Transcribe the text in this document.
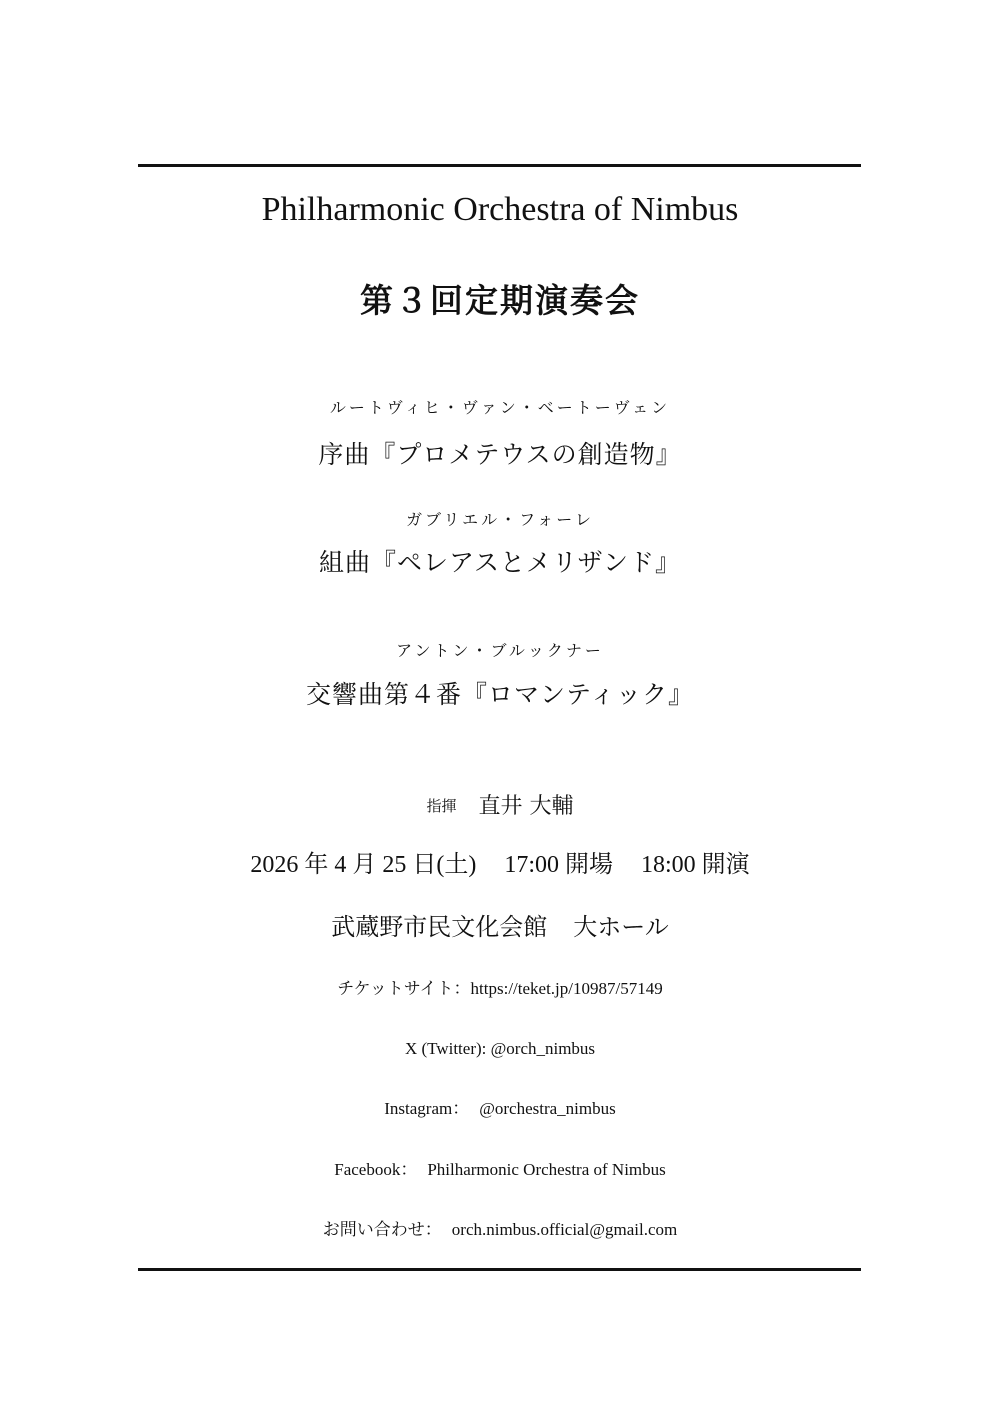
Philharmonic Orchestra of Nimbus
第３回定期演奏会
ルートヴィヒ・ヴァン・ベートーヴェン
序曲『プロメテウスの創造物』
ガブリエル・フォーレ
組曲『ペレアスとメリザンド』
アントン・ブルックナー
交響曲第４番『ロマンティック』
指揮 直井 大輔
2026 年 4 月 25 日(土) 17:00 開場 18:00 開演
武蔵野市民文化会館 大ホール
チケットサイト：https://teket.jp/10987/57149
X (Twitter): @orch_nimbus
Instagram： @orchestra_nimbus
Facebook： Philharmonic Orchestra of Nimbus
お問い合わせ： orch.nimbus.official@gmail.com
